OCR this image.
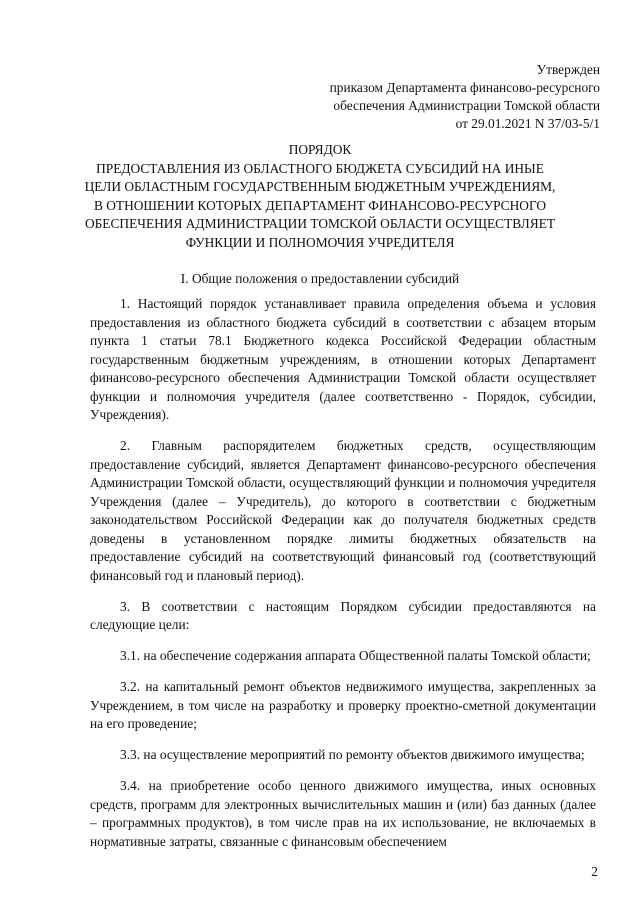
Утвержден
приказом Департамента финансово-ресурсного
обеспечения Администрации Томской области
от 29.01.2021 N 37/03-5/1
ПОРЯДОК
ПРЕДОСТАВЛЕНИЯ ИЗ ОБЛАСТНОГО БЮДЖЕТА СУБСИДИЙ НА ИНЫЕ
ЦЕЛИ ОБЛАСТНЫМ ГОСУДАРСТВЕННЫМ БЮДЖЕТНЫМ УЧРЕЖДЕНИЯМ,
В ОТНОШЕНИИ КОТОРЫХ ДЕПАРТАМЕНТ ФИНАНСОВО-РЕСУРСНОГО
ОБЕСПЕЧЕНИЯ АДМИНИСТРАЦИИ ТОМСКОЙ ОБЛАСТИ ОСУЩЕСТВЛЯЕТ
ФУНКЦИИ И ПОЛНОМОЧИЯ УЧРЕДИТЕЛЯ
I. Общие положения о предоставлении субсидий

1. Настоящий порядок устанавливает правила определения объема и условия предоставления из областного бюджета субсидий в соответствии с абзацем вторым пункта 1 статьи 78.1 Бюджетного кодекса Российской Федерации областным государственным бюджетным учреждениям, в отношении которых Департамент финансово-ресурсного обеспечения Администрации Томской области осуществляет функции и полномочия учредителя (далее соответственно - Порядок, субсидии, Учреждения).

2. Главным распорядителем бюджетных средств, осуществляющим предоставление субсидий, является Департамент финансово-ресурсного обеспечения Администрации Томской области, осуществляющий функции и полномочия учредителя Учреждения (далее – Учредитель), до которого в соответствии с бюджетным законодательством Российской Федерации как до получателя бюджетных средств доведены в установленном порядке лимиты бюджетных обязательств на предоставление субсидий на соответствующий финансовый год (соответствующий финансовый год и плановый период).

3. В соответствии с настоящим Порядком субсидии предоставляются на следующие цели:

3.1. на обеспечение содержания аппарата Общественной палаты Томской области;

3.2. на капитальный ремонт объектов недвижимого имущества, закрепленных за Учреждением, в том числе на разработку и проверку проектно-сметной документации на его проведение;

3.3. на осуществление мероприятий по ремонту объектов движимого имущества;

3.4. на приобретение особо ценного движимого имущества, иных основных средств, программ для электронных вычислительных машин и (или) баз данных (далее – программных продуктов), в том числе прав на их использование, не включаемых в нормативные затраты, связанные с финансовым обеспечением

2
